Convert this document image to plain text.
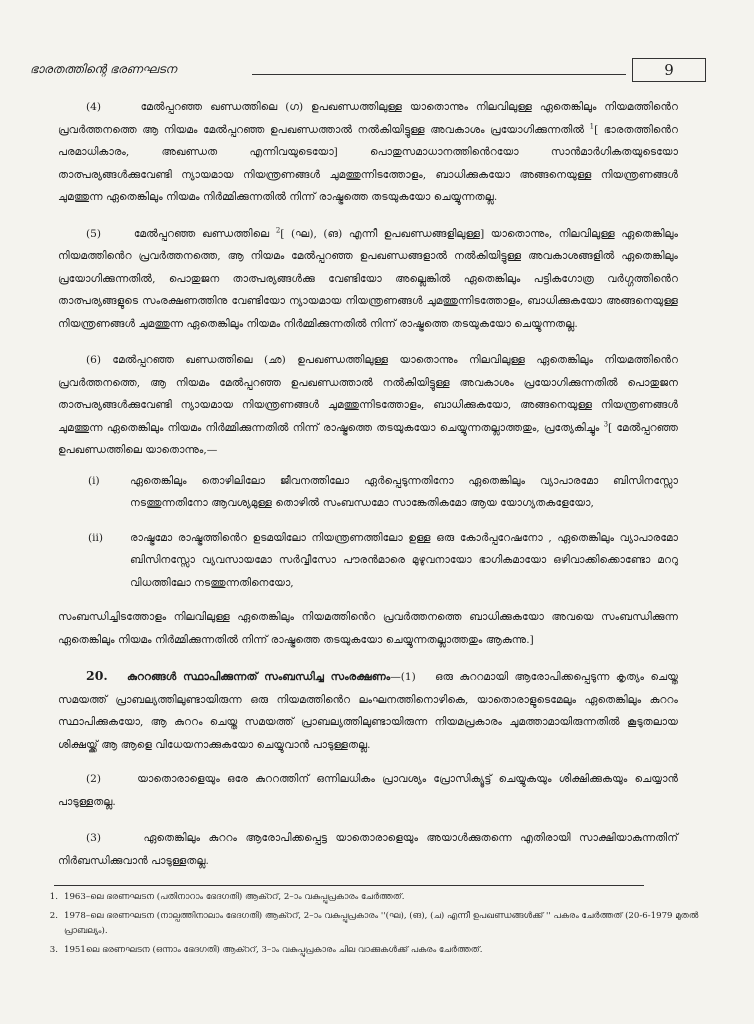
ഭാരതത്തിന്റെ ഭരണഘടന	9

(4)	മേൽപ്പറഞ്ഞ ഖണ്ഡത്തിലെ (ഗ) ഉപഖണ്ഡത്തിലുള്ള യാതൊന്നും നിലവിലുള്ള ഏതെങ്കിലും നിയമത്തിൻെറ പ്രവർത്തനത്തെ ആ നിയമം മേൽപ്പറഞ്ഞ ഉപഖണ്ഡത്താൽ നൽകിയിട്ടുള്ള അവകാശം പ്രയോഗിക്കുന്നതിൽ $^1$[ ഭാരതത്തിൻെറ പരമാധികാരം, അഖണ്ഡത എന്നിവയുടെയോ] പൊതുസമാധാനത്തിൻെറയോ സാൻമാർഗികതയുടെയോ താത്പര്യങ്ങൾക്കുവേണ്ടി ന്യായമായ നിയന്ത്രണങ്ങൾ ചുമത്തുന്നിടത്തോളം, ബാധിക്കുകയോ അങ്ങനെയുള്ള നിയന്ത്രണങ്ങൾ ചുമത്തുന്ന ഏതെങ്കിലും നിയമം നിർമ്മിക്കുന്നതിൽ നിന്ന് രാഷ്ട്രത്തെ തടയുകയോ ചെയ്യുന്നതല്ല.

(5)	മേൽപ്പറഞ്ഞ ഖണ്ഡത്തിലെ $^2$[ (ഘ), (ങ) എന്നീ ഉപഖണ്ഡങ്ങളിലുള്ള] യാതൊന്നും, നിലവിലുള്ള ഏതെങ്കിലും നിയമത്തിൻെറ പ്രവർത്തനത്തെ, ആ നിയമം മേൽപ്പറഞ്ഞ ഉപഖണ്ഡങ്ങളാൽ നൽകിയിട്ടുള്ള അവകാശങ്ങളിൽ ഏതെങ്കിലും പ്രയോഗിക്കുന്നതിൽ, പൊതുജന താത്പര്യങ്ങൾക്കു വേണ്ടിയോ അല്ലെങ്കിൽ ഏതെങ്കിലും പട്ടികഗോത്ര വർഗ്ഗത്തിൻെറ താത്പര്യങ്ങളുടെ സംരക്ഷണത്തിനു വേണ്ടിയോ ന്യായമായ നിയന്ത്രണങ്ങൾ ചുമത്തുന്നിടത്തോളം, ബാധിക്കുകയോ അങ്ങനെയുള്ള നിയന്ത്രണങ്ങൾ ചുമത്തുന്ന ഏതെങ്കിലും നിയമം നിർമ്മിക്കുന്നതിൽ നിന്ന് രാഷ്ട്രത്തെ തടയുകയോ ചെയ്യുന്നതല്ല.

(6) മേൽപ്പറഞ്ഞ ഖണ്ഡത്തിലെ (ഛ) ഉപഖണ്ഡത്തിലുള്ള യാതൊന്നും നിലവിലുള്ള ഏതെങ്കിലും നിയമത്തിൻെറ പ്രവർത്തനത്തെ, ആ നിയമം മേൽപ്പറഞ്ഞ ഉപഖണ്ഡത്താൽ നൽകിയിട്ടുള്ള അവകാശം പ്രയോഗിക്കുന്നതിൽ പൊതുജന താത്പര്യങ്ങൾക്കുവേണ്ടി ന്യായമായ നിയന്ത്രണങ്ങൾ ചുമത്തുന്നിടത്തോളം, ബാധിക്കുകയോ, അങ്ങനെയുള്ള നിയന്ത്രണങ്ങൾ ചുമത്തുന്ന ഏതെങ്കിലും നിയമം നിർമ്മിക്കുന്നതിൽ നിന്ന് രാഷ്ട്രത്തെ തടയുകയോ ചെയ്യുന്നതല്ലാത്തതും, പ്രത്യേകിച്ചും $^3$[ മേൽപ്പറഞ്ഞ ഉപഖണ്ഡത്തിലെ യാതൊന്നും,—

(i)	ഏതെങ്കിലും തൊഴിലിലോ ജീവനത്തിലോ ഏർപ്പെടുന്നതിനോ ഏതെങ്കിലും വ്യാപാരമോ ബിസിനസ്സോ നടത്തുന്നതിനോ ആവശ്യമുള്ള തൊഴിൽ സംബന്ധമോ സാങ്കേതികമോ ആയ യോഗ്യതകളേയോ,

(ii)	രാഷ്ട്രമോ രാഷ്ട്രത്തിൻെറ ഉടമയിലോ നിയന്ത്രണത്തിലോ ഉള്ള ഒരു കോർപ്പറേഷനോ , ഏതെങ്കിലും വ്യാപാരമോ ബിസിനസ്സോ വ്യവസായമോ സർവ്വീസോ പൗരൻമാരെ മുഴുവനായോ ഭാഗികമായോ ഒഴിവാക്കിക്കൊണ്ടോ മററു വിധത്തിലോ നടത്തുന്നതിനെയോ,

സംബന്ധിച്ചിടത്തോളം നിലവിലുള്ള ഏതെങ്കിലും നിയമത്തിൻെറ പ്രവർത്തനത്തെ ബാധിക്കുകയോ അവയെ സംബന്ധിക്കുന്ന ഏതെങ്കിലും നിയമം നിർമ്മിക്കുന്നതിൽ നിന്ന് രാഷ്ട്രത്തെ തടയുകയോ ചെയ്യുന്നതല്ലാത്തതും ആകുന്നു.]

20. കുററങ്ങൾ സ്ഥാപിക്കുന്നത് സംബന്ധിച്ച സംരക്ഷണം—(1) ഒരു കുററമായി ആരോപിക്കപ്പെടുന്ന കൃത്യം ചെയ്ത സമയത്ത് പ്രാബല്യത്തിലുണ്ടായിരുന്ന ഒരു നിയമത്തിൻെറ ലംഘനത്തിനൊഴികെ, യാതൊരാളുടെമേലും ഏതെങ്കിലും കുററം സ്ഥാപിക്കുകയോ, ആ കുററം ചെയ്ത സമയത്ത് പ്രാബല്യത്തിലുണ്ടായിരുന്ന നിയമപ്രകാരം ചുമത്താമായിരുന്നതിൽ കൂടുതലായ ശിക്ഷയ്ക്ക് ആ ആളെ വിധേയനാക്കുകയോ ചെയ്യുവാൻ പാടുള്ളതല്ല.

(2)	യാതൊരാളെയും ഒരേ കുററത്തിന് ഒന്നിലധികം പ്രാവശ്യം പ്രോസിക്യൂട്ട് ചെയ്യുകയും ശിക്ഷിക്കുകയും ചെയ്യാൻ പാടുള്ളതല്ല.

(3)	ഏതെങ്കിലും കുററം ആരോപിക്കപ്പെട്ട യാതൊരാളെയും അയാൾക്കുതന്നെ എതിരായി സാക്ഷിയാകുന്നതിന് നിർബന്ധിക്കുവാൻ പാടുള്ളതല്ല.

1. 1963–ലെ ഭരണഘടന (പതിനാറാം ഭേദഗതി) ആക്ററ്, 2–ാം വകുപ്പുപ്രകാരം ചേർത്തത്.
2. 1978–ലെ ഭരണഘടന (നാല്പത്തിനാലാം ഭേദഗതി) ആക്ററ്, 2–ാം വകുപ്പുപ്രകാരം ''(ഘ), (ങ), (ച) എന്നീ ഉപഖണ്ഡങ്ങൾക്ക് '' പകരം ചേർത്തത് (20-6-1979 മുതൽ പ്രാബല്യം).
3. 1951ലെ ഭരണഘടന (ഒന്നാം ഭേദഗതി) ആക്ററ്, 3–ാം വകുപ്പുപ്രകാരം ചില വാക്കുകൾക്ക് പകരം ചേർത്തത്.
